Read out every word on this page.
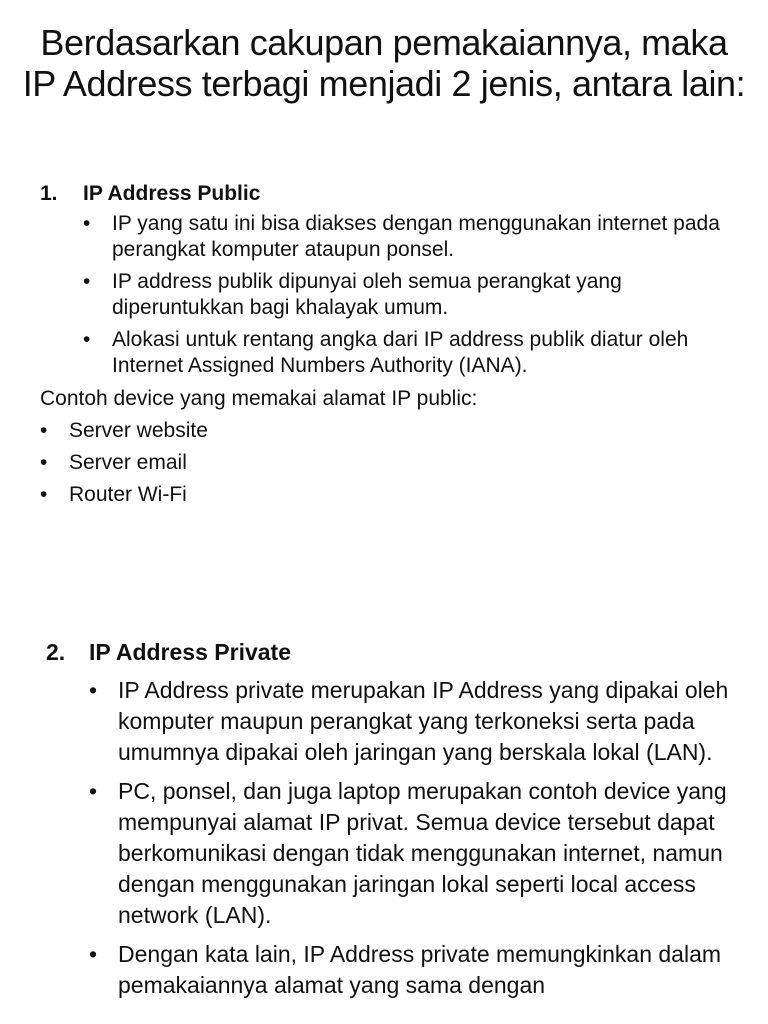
Berdasarkan cakupan pemakaiannya, maka IP Address terbagi menjadi 2 jenis, antara lain:
1. IP Address Public
• IP yang satu ini bisa diakses dengan menggunakan internet pada perangkat komputer ataupun ponsel.
• IP address publik dipunyai oleh semua perangkat yang diperuntukkan bagi khalayak umum.
• Alokasi untuk rentang angka dari IP address publik diatur oleh Internet Assigned Numbers Authority (IANA).
Contoh device yang memakai alamat IP public:
• Server website
• Server email
• Router Wi-Fi
2. IP Address Private
• IP Address private merupakan IP Address yang dipakai oleh komputer maupun perangkat yang terkoneksi serta pada umumnya dipakai oleh jaringan yang berskala lokal (LAN).
• PC, ponsel, dan juga laptop merupakan contoh device yang mempunyai alamat IP privat. Semua device tersebut dapat berkomunikasi dengan tidak menggunakan internet, namun dengan menggunakan jaringan lokal seperti local access network (LAN).
• Dengan kata lain, IP Address private memungkinkan dalam pemakaiannya alamat yang sama dengan
